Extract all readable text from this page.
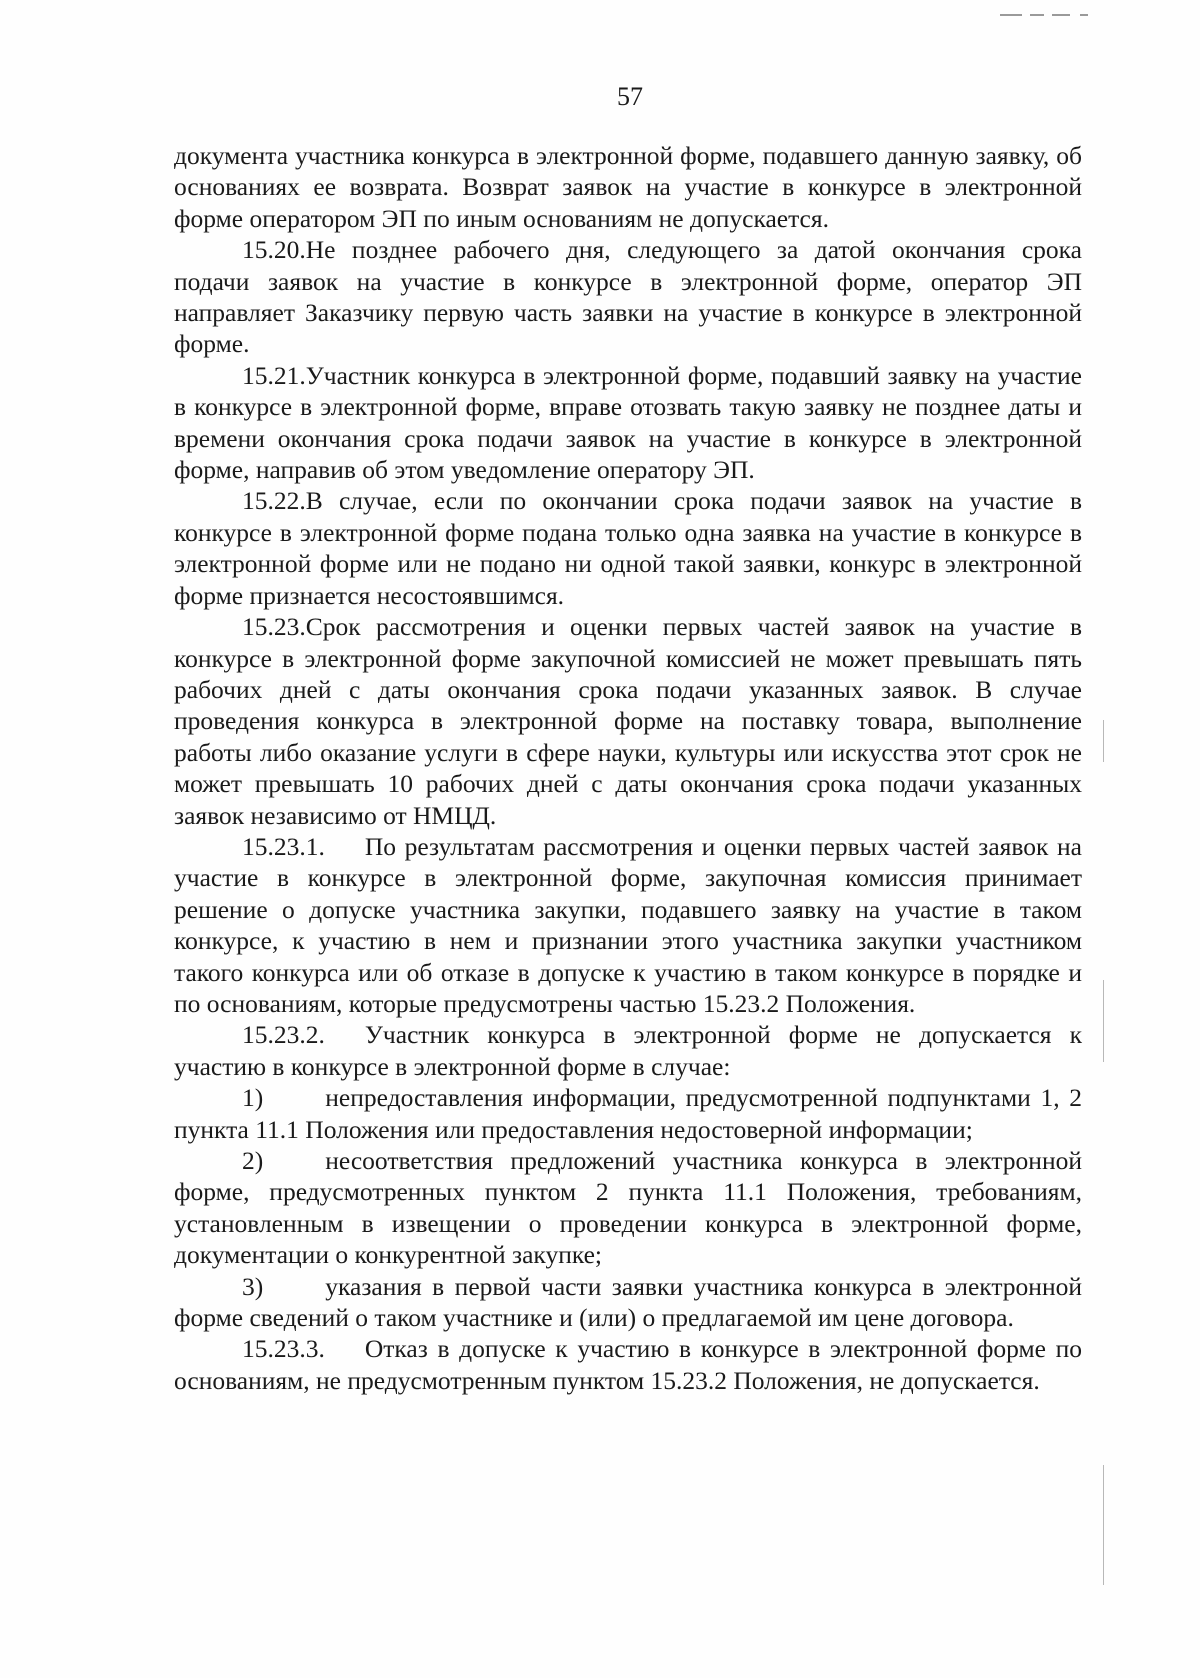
57

документа участника конкурса в электронной форме, подавшего данную заявку, об основаниях ее возврата. Возврат заявок на участие в конкурсе в электронной форме оператором ЭП по иным основаниям не допускается.

15.20.Не позднее рабочего дня, следующего за датой окончания срока подачи заявок на участие в конкурсе в электронной форме, оператор ЭП направляет Заказчику первую часть заявки на участие в конкурсе в электронной форме.

15.21.Участник конкурса в электронной форме, подавший заявку на участие в конкурсе в электронной форме, вправе отозвать такую заявку не позднее даты и времени окончания срока подачи заявок на участие в конкурсе в электронной форме, направив об этом уведомление оператору ЭП.

15.22.В случае, если по окончании срока подачи заявок на участие в конкурсе в электронной форме подана только одна заявка на участие в конкурсе в электронной форме или не подано ни одной такой заявки, конкурс в электронной форме признается несостоявшимся.

15.23.Срок рассмотрения и оценки первых частей заявок на участие в конкурсе в электронной форме закупочной комиссией не может превышать пять рабочих дней с даты окончания срока подачи указанных заявок. В случае проведения конкурса в электронной форме на поставку товара, выполнение работы либо оказание услуги в сфере науки, культуры или искусства этот срок не может превышать 10 рабочих дней с даты окончания срока подачи указанных заявок независимо от НМЦД.

15.23.1. По результатам рассмотрения и оценки первых частей заявок на участие в конкурсе в электронной форме, закупочная комиссия принимает решение о допуске участника закупки, подавшего заявку на участие в таком конкурсе, к участию в нем и признании этого участника закупки участником такого конкурса или об отказе в допуске к участию в таком конкурсе в порядке и по основаниям, которые предусмотрены частью 15.23.2 Положения.

15.23.2. Участник конкурса в электронной форме не допускается к участию в конкурсе в электронной форме в случае:

1) непредоставления информации, предусмотренной подпунктами 1, 2 пункта 11.1 Положения или предоставления недостоверной информации;

2) несоответствия предложений участника конкурса в электронной форме, предусмотренных пунктом 2 пункта 11.1 Положения, требованиям, установленным в извещении о проведении конкурса в электронной форме, документации о конкурентной закупке;

3) указания в первой части заявки участника конкурса в электронной форме сведений о таком участнике и (или) о предлагаемой им цене договора.

15.23.3. Отказ в допуске к участию в конкурсе в электронной форме по основаниям, не предусмотренным пунктом 15.23.2 Положения, не допускается.
